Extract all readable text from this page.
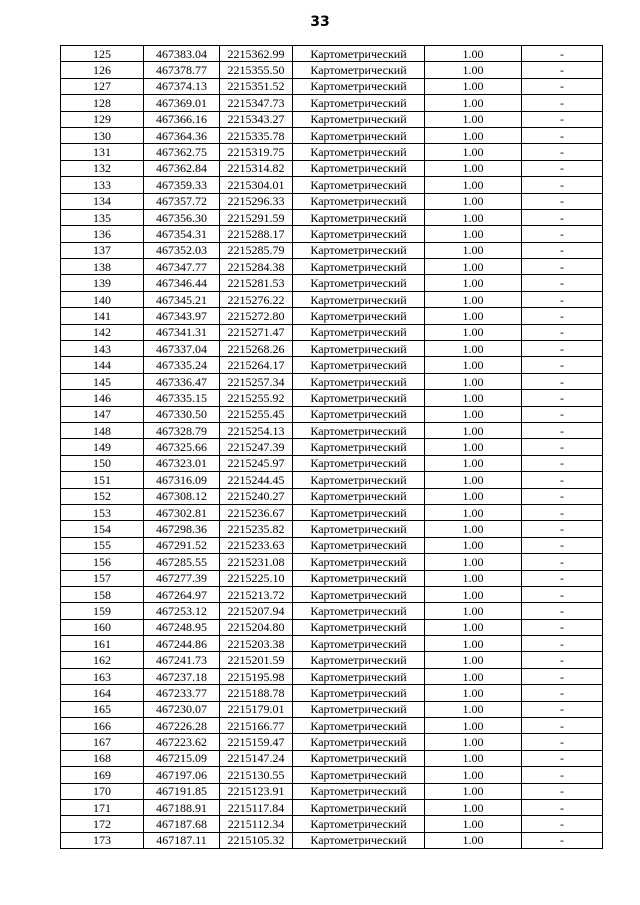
33
125	467383.04	2215362.99	Картометрический	1.00	-
126	467378.77	2215355.50	Картометрический	1.00	-
127	467374.13	2215351.52	Картометрический	1.00	-
128	467369.01	2215347.73	Картометрический	1.00	-
129	467366.16	2215343.27	Картометрический	1.00	-
130	467364.36	2215335.78	Картометрический	1.00	-
131	467362.75	2215319.75	Картометрический	1.00	-
132	467362.84	2215314.82	Картометрический	1.00	-
133	467359.33	2215304.01	Картометрический	1.00	-
134	467357.72	2215296.33	Картометрический	1.00	-
135	467356.30	2215291.59	Картометрический	1.00	-
136	467354.31	2215288.17	Картометрический	1.00	-
137	467352.03	2215285.79	Картометрический	1.00	-
138	467347.77	2215284.38	Картометрический	1.00	-
139	467346.44	2215281.53	Картометрический	1.00	-
140	467345.21	2215276.22	Картометрический	1.00	-
141	467343.97	2215272.80	Картометрический	1.00	-
142	467341.31	2215271.47	Картометрический	1.00	-
143	467337.04	2215268.26	Картометрический	1.00	-
144	467335.24	2215264.17	Картометрический	1.00	-
145	467336.47	2215257.34	Картометрический	1.00	-
146	467335.15	2215255.92	Картометрический	1.00	-
147	467330.50	2215255.45	Картометрический	1.00	-
148	467328.79	2215254.13	Картометрический	1.00	-
149	467325.66	2215247.39	Картометрический	1.00	-
150	467323.01	2215245.97	Картометрический	1.00	-
151	467316.09	2215244.45	Картометрический	1.00	-
152	467308.12	2215240.27	Картометрический	1.00	-
153	467302.81	2215236.67	Картометрический	1.00	-
154	467298.36	2215235.82	Картометрический	1.00	-
155	467291.52	2215233.63	Картометрический	1.00	-
156	467285.55	2215231.08	Картометрический	1.00	-
157	467277.39	2215225.10	Картометрический	1.00	-
158	467264.97	2215213.72	Картометрический	1.00	-
159	467253.12	2215207.94	Картометрический	1.00	-
160	467248.95	2215204.80	Картометрический	1.00	-
161	467244.86	2215203.38	Картометрический	1.00	-
162	467241.73	2215201.59	Картометрический	1.00	-
163	467237.18	2215195.98	Картометрический	1.00	-
164	467233.77	2215188.78	Картометрический	1.00	-
165	467230.07	2215179.01	Картометрический	1.00	-
166	467226.28	2215166.77	Картометрический	1.00	-
167	467223.62	2215159.47	Картометрический	1.00	-
168	467215.09	2215147.24	Картометрический	1.00	-
169	467197.06	2215130.55	Картометрический	1.00	-
170	467191.85	2215123.91	Картометрический	1.00	-
171	467188.91	2215117.84	Картометрический	1.00	-
172	467187.68	2215112.34	Картометрический	1.00	-
173	467187.11	2215105.32	Картометрический	1.00	-
